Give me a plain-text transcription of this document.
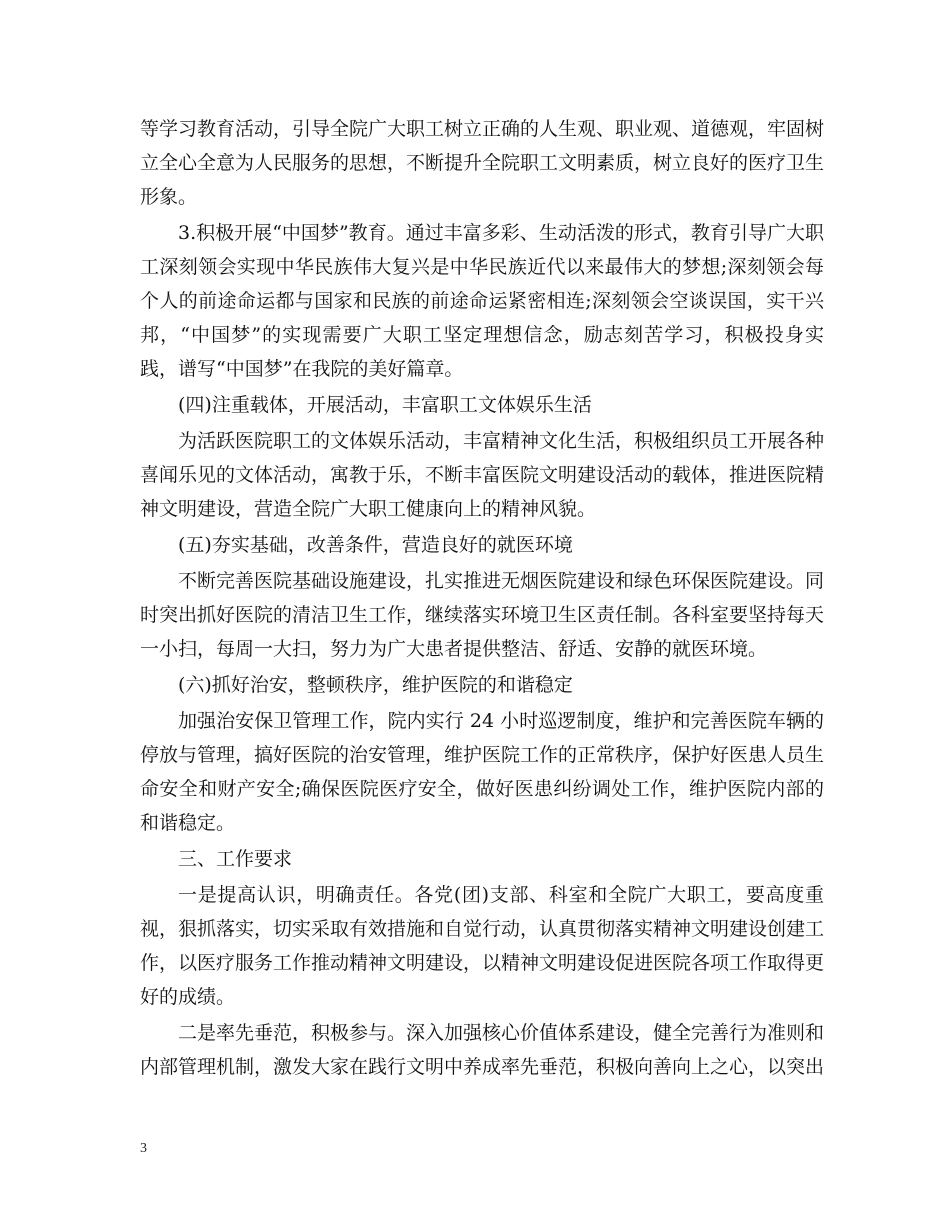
等学习教育活动，引导全院广大职工树立正确的人生观、职业观、道德观，牢固树立全心全意为人民服务的思想，不断提升全院职工文明素质，树立良好的医疗卫生形象。

3.积极开展“中国梦”教育。通过丰富多彩、生动活泼的形式，教育引导广大职工深刻领会实现中华民族伟大复兴是中华民族近代以来最伟大的梦想;深刻领会每个人的前途命运都与国家和民族的前途命运紧密相连;深刻领会空谈误国，实干兴邦，“中国梦”的实现需要广大职工坚定理想信念，励志刻苦学习，积极投身实践，谱写“中国梦”在我院的美好篇章。

(四)注重载体，开展活动，丰富职工文体娱乐生活

为活跃医院职工的文体娱乐活动，丰富精神文化生活，积极组织员工开展各种喜闻乐见的文体活动，寓教于乐，不断丰富医院文明建设活动的载体，推进医院精神文明建设，营造全院广大职工健康向上的精神风貌。

(五)夯实基础，改善条件，营造良好的就医环境

不断完善医院基础设施建设，扎实推进无烟医院建设和绿色环保医院建设。同时突出抓好医院的清洁卫生工作，继续落实环境卫生区责任制。各科室要坚持每天一小扫，每周一大扫，努力为广大患者提供整洁、舒适、安静的就医环境。

(六)抓好治安，整顿秩序，维护医院的和谐稳定

加强治安保卫管理工作，院内实行 24 小时巡逻制度，维护和完善医院车辆的停放与管理，搞好医院的治安管理，维护医院工作的正常秩序，保护好医患人员生命安全和财产安全;确保医院医疗安全，做好医患纠纷调处工作，维护医院内部的和谐稳定。

三、工作要求

一是提高认识，明确责任。各党(团)支部、科室和全院广大职工，要高度重视，狠抓落实，切实采取有效措施和自觉行动，认真贯彻落实精神文明建设创建工作，以医疗服务工作推动精神文明建设，以精神文明建设促进医院各项工作取得更好的成绩。

二是率先垂范，积极参与。深入加强核心价值体系建设，健全完善行为准则和内部管理机制，激发大家在践行文明中养成率先垂范，积极向善向上之心，以突出

3
